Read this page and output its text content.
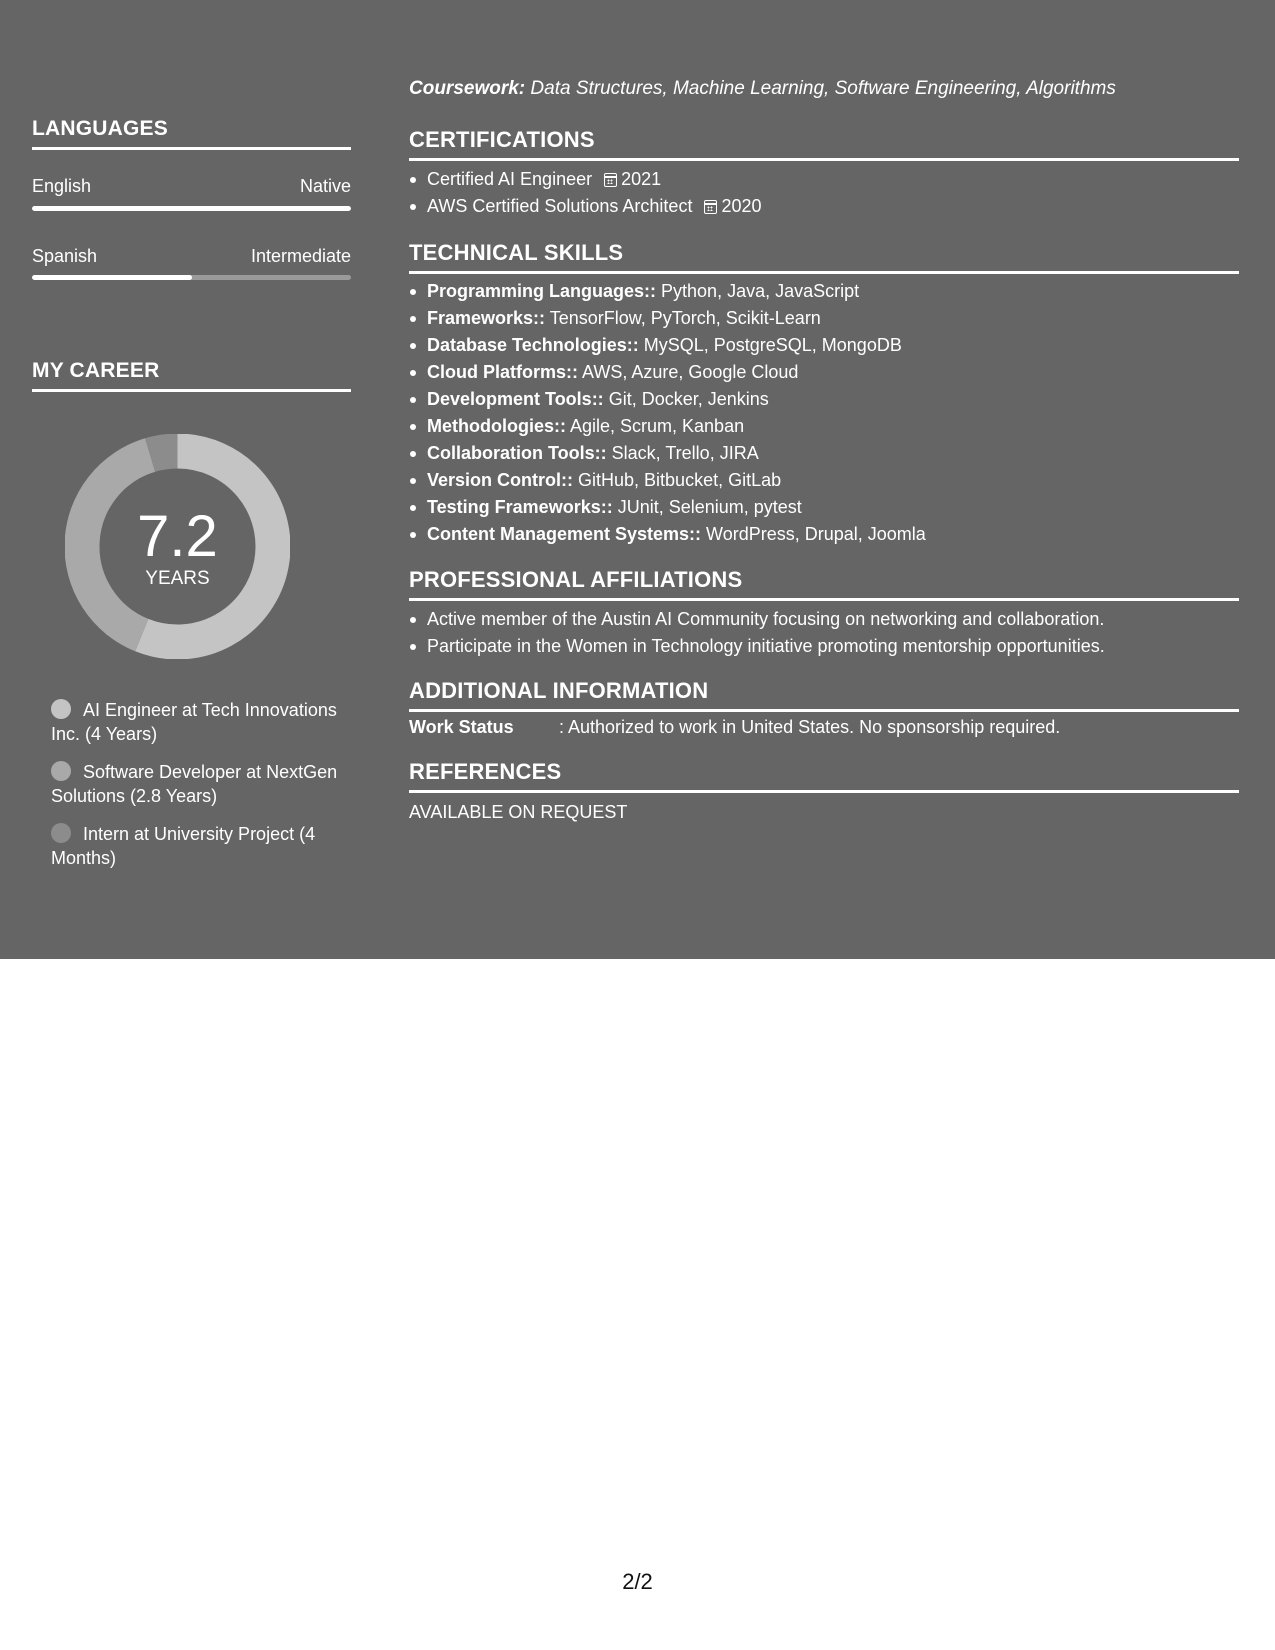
LANGUAGES
English	Native
Spanish	Intermediate
MY CAREER
7.2
YEARS
AI Engineer at Tech Innovations Inc. (4 Years)
Software Developer at NextGen Solutions (2.8 Years)
Intern at University Project (4 Months)
Coursework: Data Structures, Machine Learning, Software Engineering, Algorithms
CERTIFICATIONS
Certified AI Engineer 2021
AWS Certified Solutions Architect 2020
TECHNICAL SKILLS
Programming Languages:: Python, Java, JavaScript
Frameworks:: TensorFlow, PyTorch, Scikit-Learn
Database Technologies:: MySQL, PostgreSQL, MongoDB
Cloud Platforms:: AWS, Azure, Google Cloud
Development Tools:: Git, Docker, Jenkins
Methodologies:: Agile, Scrum, Kanban
Collaboration Tools:: Slack, Trello, JIRA
Version Control:: GitHub, Bitbucket, GitLab
Testing Frameworks:: JUnit, Selenium, pytest
Content Management Systems:: WordPress, Drupal, Joomla
PROFESSIONAL AFFILIATIONS
Active member of the Austin AI Community focusing on networking and collaboration.
Participate in the Women in Technology initiative promoting mentorship opportunities.
ADDITIONAL INFORMATION
Work Status	: Authorized to work in United States. No sponsorship required.
REFERENCES
AVAILABLE ON REQUEST
2/2
